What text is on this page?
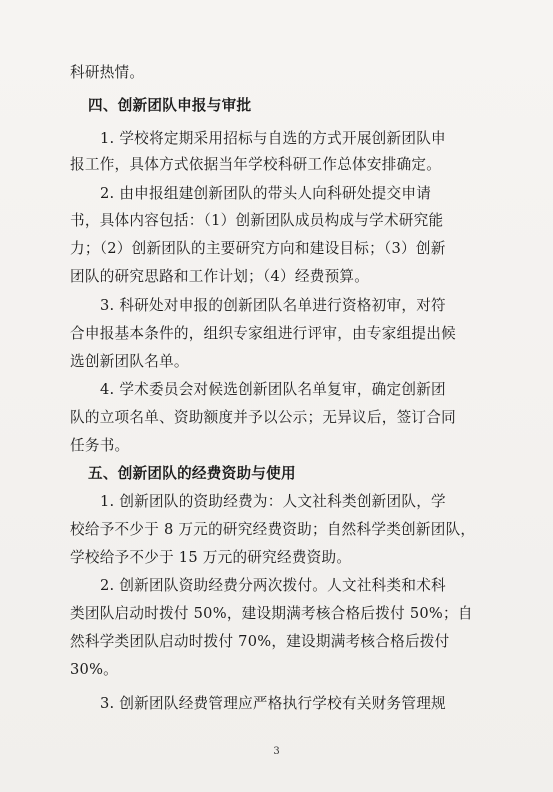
科研热情。
四、创新团队申报与审批
1. 学校将定期采用招标与自选的方式开展创新团队申
报工作，具体方式依据当年学校科研工作总体安排确定。
2. 由申报组建创新团队的带头人向科研处提交申请
书，具体内容包括：（1）创新团队成员构成与学术研究能
力；（2）创新团队的主要研究方向和建设目标；（3）创新
团队的研究思路和工作计划；（4）经费预算。
3. 科研处对申报的创新团队名单进行资格初审，对符
合申报基本条件的，组织专家组进行评审，由专家组提出候
选创新团队名单。
4. 学术委员会对候选创新团队名单复审，确定创新团
队的立项名单、资助额度并予以公示；无异议后，签订合同
任务书。
五、创新团队的经费资助与使用
1. 创新团队的资助经费为：人文社科类创新团队，学
校给予不少于 8 万元的研究经费资助；自然科学类创新团队，
学校给予不少于 15 万元的研究经费资助。
2. 创新团队资助经费分两次拨付。人文社科类和术科
类团队启动时拨付 50%，建设期满考核合格后拨付 50%；自
然科学类团队启动时拨付 70%，建设期满考核合格后拨付
30%。
3. 创新团队经费管理应严格执行学校有关财务管理规
3
